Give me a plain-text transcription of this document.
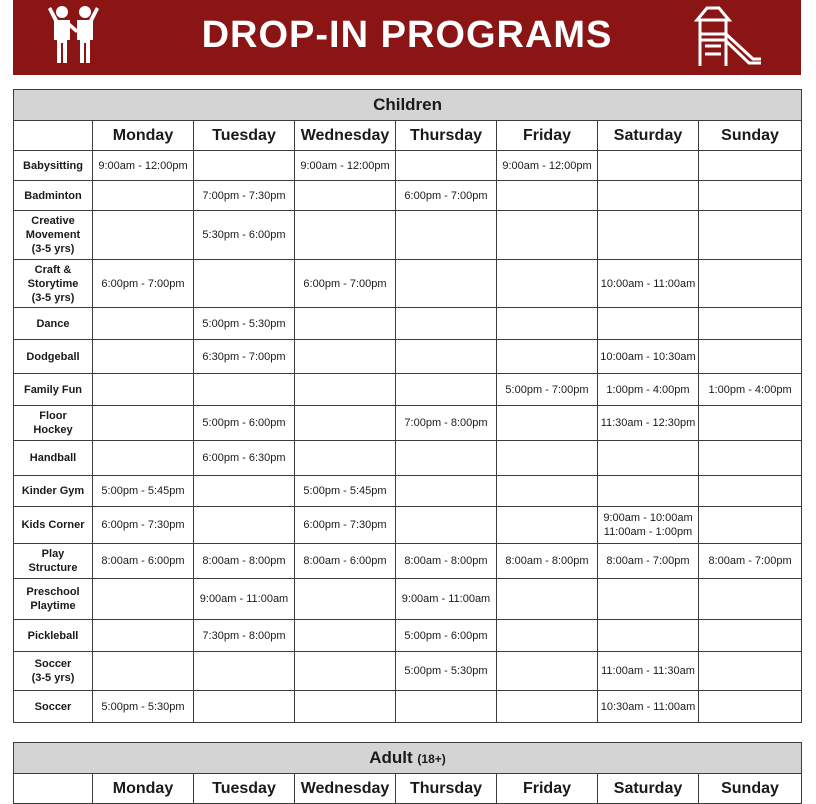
DROP-IN PROGRAMS
Children							
	Monday	Tuesday	Wednesday	Thursday	Friday	Saturday	Sunday
Babysitting	9:00am - 12:00pm		9:00am - 12:00pm		9:00am - 12:00pm		
Badminton		7:00pm - 7:30pm		6:00pm - 7:00pm			
Creative
Movement
(3-5 yrs)		5:30pm - 6:00pm					
Craft &
Storytime
(3-5 yrs)	6:00pm - 7:00pm		6:00pm - 7:00pm			10:00am - 11:00am	
Dance		5:00pm - 5:30pm					
Dodgeball		6:30pm - 7:00pm				10:00am - 10:30am	
Family Fun					5:00pm - 7:00pm	1:00pm - 4:00pm	1:00pm - 4:00pm
Floor
Hockey		5:00pm - 6:00pm		7:00pm - 8:00pm		11:30am - 12:30pm	
Handball		6:00pm - 6:30pm					
Kinder Gym	5:00pm - 5:45pm		5:00pm - 5:45pm				
Kids Corner	6:00pm - 7:30pm		6:00pm - 7:30pm			9:00am - 10:00am
11:00am - 1:00pm	
Play
Structure	8:00am - 6:00pm	8:00am - 8:00pm	8:00am - 6:00pm	8:00am - 8:00pm	8:00am - 8:00pm	8:00am - 7:00pm	8:00am - 7:00pm
Preschool
Playtime		9:00am - 11:00am		9:00am - 11:00am			
Pickleball		7:30pm - 8:00pm		5:00pm - 6:00pm			
Soccer
(3-5 yrs)				5:00pm - 5:30pm		11:00am - 11:30am	
Soccer	5:00pm - 5:30pm					10:30am - 11:00am	
Adult (18+)
	Monday	Tuesday	Wednesday	Thursday	Friday	Saturday	Sunday
